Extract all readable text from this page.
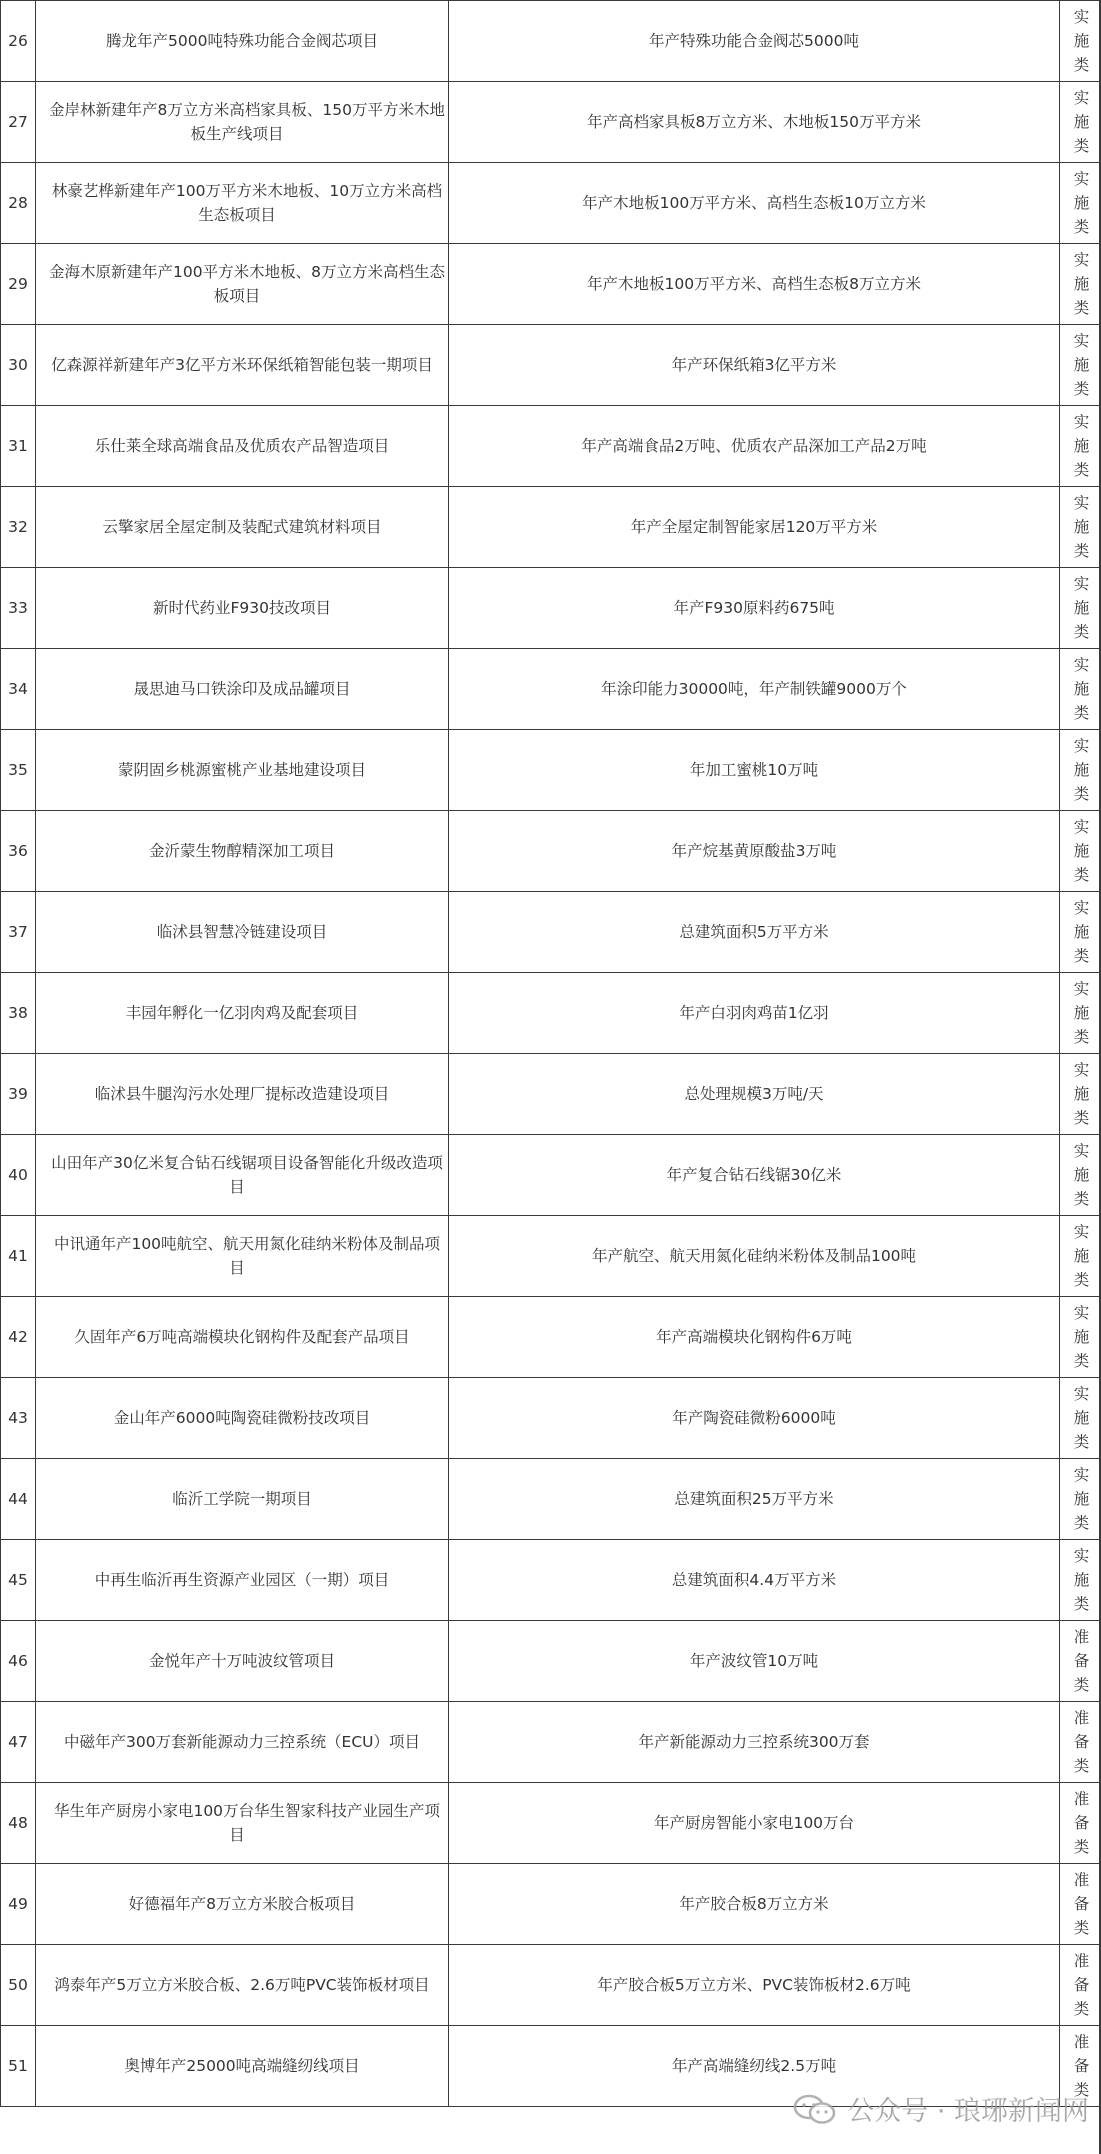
26	腾龙年产5000吨特殊功能合金阀芯项目	年产特殊功能合金阀芯5000吨	实施类
27	金岸林新建年产8万立方米高档家具板、150万平方米木地板生产线项目	年产高档家具板8万立方米、木地板150万平方米	实施类
28	林豪艺桦新建年产100万平方米木地板、10万立方米高档生态板项目	年产木地板100万平方米、高档生态板10万立方米	实施类
29	金海木原新建年产100平方米木地板、8万立方米高档生态板项目	年产木地板100万平方米、高档生态板8万立方米	实施类
30	亿森源祥新建年产3亿平方米环保纸箱智能包装一期项目	年产环保纸箱3亿平方米	实施类
31	乐仕莱全球高端食品及优质农产品智造项目	年产高端食品2万吨、优质农产品深加工产品2万吨	实施类
32	云擎家居全屋定制及装配式建筑材料项目	年产全屋定制智能家居120万平方米	实施类
33	新时代药业F930技改项目	年产F930原料药675吨	实施类
34	晟思迪马口铁涂印及成品罐项目	年涂印能力30000吨，年产制铁罐9000万个	实施类
35	蒙阴固乡桃源蜜桃产业基地建设项目	年加工蜜桃10万吨	实施类
36	金沂蒙生物醇精深加工项目	年产烷基黄原酸盐3万吨	实施类
37	临沭县智慧冷链建设项目	总建筑面积5万平方米	实施类
38	丰园年孵化一亿羽肉鸡及配套项目	年产白羽肉鸡苗1亿羽	实施类
39	临沭县牛腿沟污水处理厂提标改造建设项目	总处理规模3万吨/天	实施类
40	山田年产30亿米复合钻石线锯项目设备智能化升级改造项目	年产复合钻石线锯30亿米	实施类
41	中讯通年产100吨航空、航天用氮化硅纳米粉体及制品项目	年产航空、航天用氮化硅纳米粉体及制品100吨	实施类
42	久固年产6万吨高端模块化钢构件及配套产品项目	年产高端模块化钢构件6万吨	实施类
43	金山年产6000吨陶瓷硅微粉技改项目	年产陶瓷硅微粉6000吨	实施类
44	临沂工学院一期项目	总建筑面积25万平方米	实施类
45	中再生临沂再生资源产业园区（一期）项目	总建筑面积4.4万平方米	实施类
46	金悦年产十万吨波纹管项目	年产波纹管10万吨	准备类
47	中磁年产300万套新能源动力三控系统（ECU）项目	年产新能源动力三控系统300万套	准备类
48	华生年产厨房小家电100万台华生智家科技产业园生产项目	年产厨房智能小家电100万台	准备类
49	好德福年产8万立方米胶合板项目	年产胶合板8万立方米	准备类
50	鸿泰年产5万立方米胶合板、2.6万吨PVC装饰板材项目	年产胶合板5万立方米、PVC装饰板材2.6万吨	准备类
51	奥博年产25000吨高端缝纫线项目	年产高端缝纫线2.5万吨	准备类
公众号 · 琅琊新闻网
